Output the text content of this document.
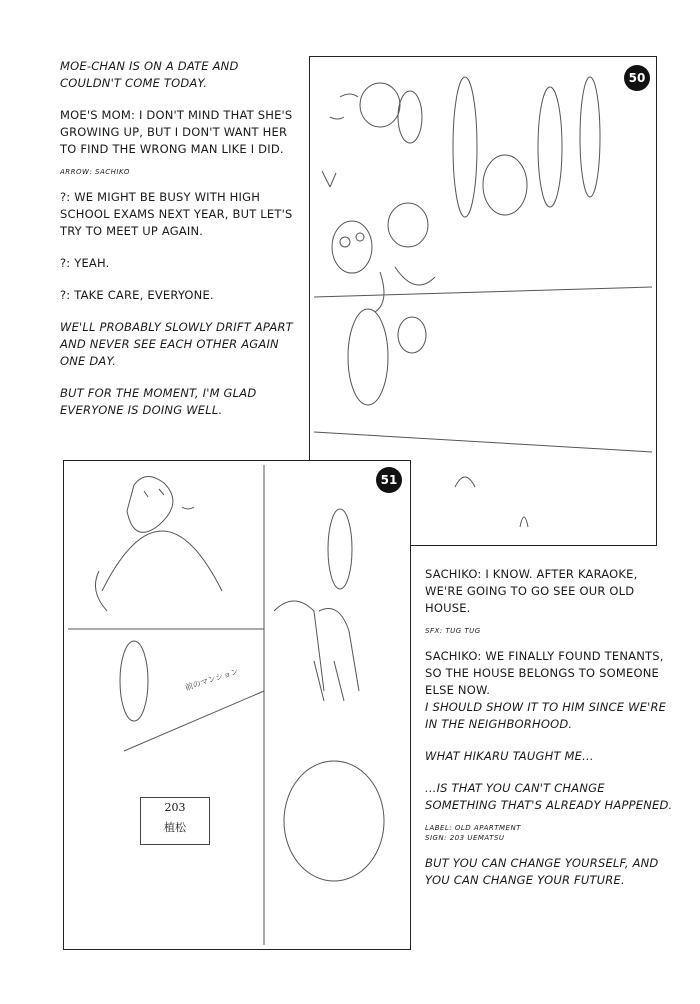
MOE-CHAN IS ON A DATE AND COULDN'T COME TODAY.

MOE'S MOM: I DON'T MIND THAT SHE'S GROWING UP, BUT I DON'T WANT HER TO FIND THE WRONG MAN LIKE I DID.

ARROW: SACHIKO

?: WE MIGHT BE BUSY WITH HIGH SCHOOL EXAMS NEXT YEAR, BUT LET'S TRY TO MEET UP AGAIN.

?: YEAH.

?: TAKE CARE, EVERYONE.

WE'LL PROBABLY SLOWLY DRIFT APART AND NEVER SEE EACH OTHER AGAIN ONE DAY.

BUT FOR THE MOMENT, I'M GLAD EVERYONE IS DOING WELL.

50
51
203
植松
前のマンション

SACHIKO: I KNOW. AFTER KARAOKE, WE'RE GOING TO GO SEE OUR OLD HOUSE.

SFX: TUG TUG

SACHIKO: WE FINALLY FOUND TENANTS, SO THE HOUSE BELONGS TO SOMEONE ELSE NOW.

I SHOULD SHOW IT TO HIM SINCE WE'RE IN THE NEIGHBORHOOD.

WHAT HIKARU TAUGHT ME...

...IS THAT YOU CAN'T CHANGE SOMETHING THAT'S ALREADY HAPPENED.

LABEL: OLD APARTMENT SIGN: 203 UEMATSU

BUT YOU CAN CHANGE YOURSELF, AND YOU CAN CHANGE YOUR FUTURE.
